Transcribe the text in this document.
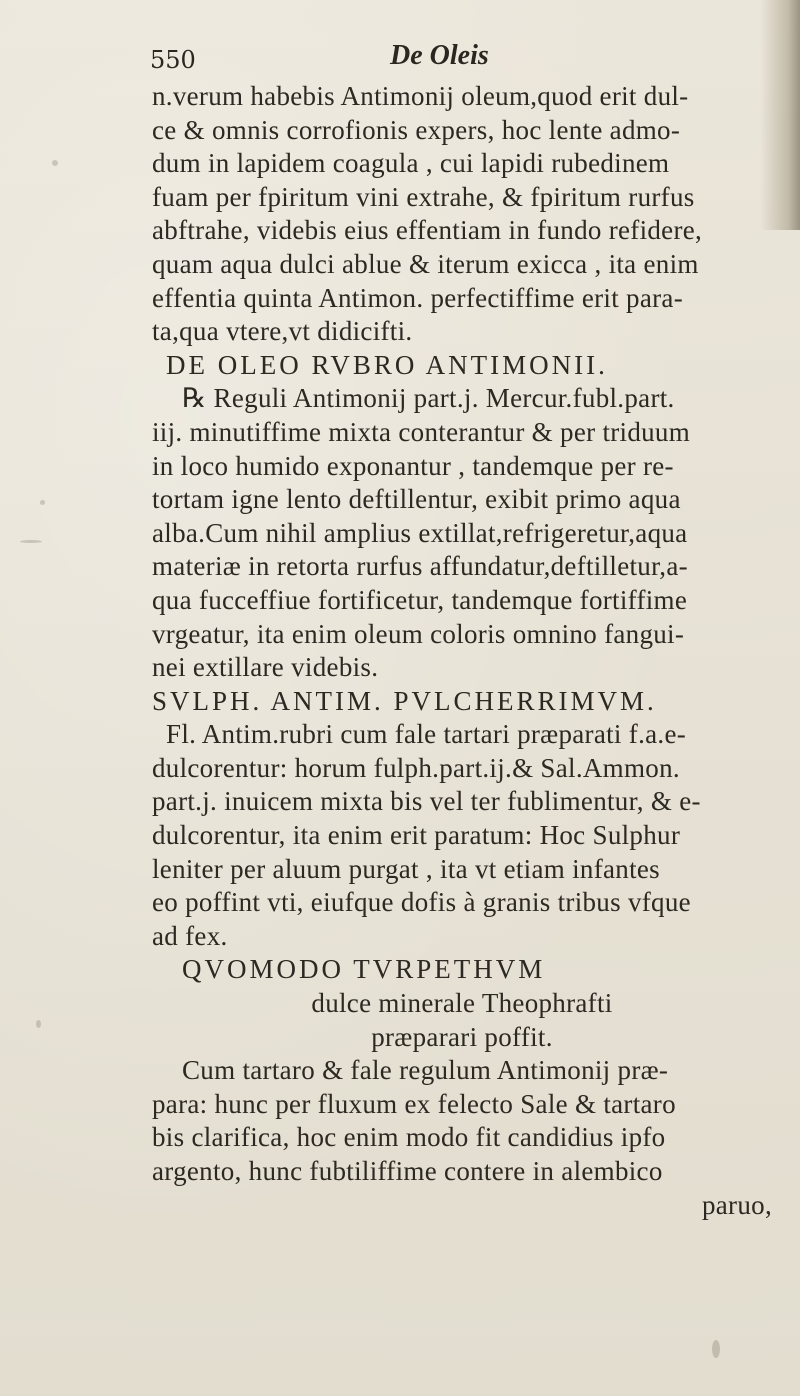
550	De Oleis
n.verum habebis Antimonij oleum,quod erit dul-
ce & omnis corrofionis expers, hoc lente admo-
dum in lapidem coagula , cui lapidi rubedinem
fuam per fpiritum vini extrahe, & fpiritum rurfus
abftrahe, videbis eius effentiam in fundo refidere,
quam aqua dulci ablue & iterum exicca , ita enim
effentia quinta Antimon. perfectiffime erit para-
ta,qua vtere,vt didicifti.
DE OLEO RVBRO ANTIMONII.
℞ Reguli Antimonij part.j. Mercur.fubl.part.
iij. minutiffime mixta conterantur & per triduum
in loco humido exponantur , tandemque per re-
tortam igne lento deftillentur, exibit primo aqua
alba.Cum nihil amplius extillat,refrigeretur,aqua
materiæ in retorta rurfus affundatur,deftilletur,a-
qua fucceffiue fortificetur, tandemque fortiffime
vrgeatur, ita enim oleum coloris omnino fangui-
nei extillare videbis.
SVLPH. ANTIM. PVLCHERRIMVM.
Fl. Antim.rubri cum fale tartari præparati f.a.e-
dulcorentur: horum fulph.part.ij.& Sal.Ammon.
part.j. inuicem mixta bis vel ter fublimentur, & e-
dulcorentur, ita enim erit paratum: Hoc Sulphur
leniter per aluum purgat , ita vt etiam infantes
eo poffint vti, eiufque dofis à granis tribus vfque
ad fex.
QVOMODO TVRPETHVM
dulce minerale Theophrafti
præparari poffit.
Cum tartaro & fale regulum Antimonij præ-
para: hunc per fluxum ex felecto Sale & tartaro
bis clarifica, hoc enim modo fit candidius ipfo
argento, hunc fubtiliffime contere in alembico
paruo,
